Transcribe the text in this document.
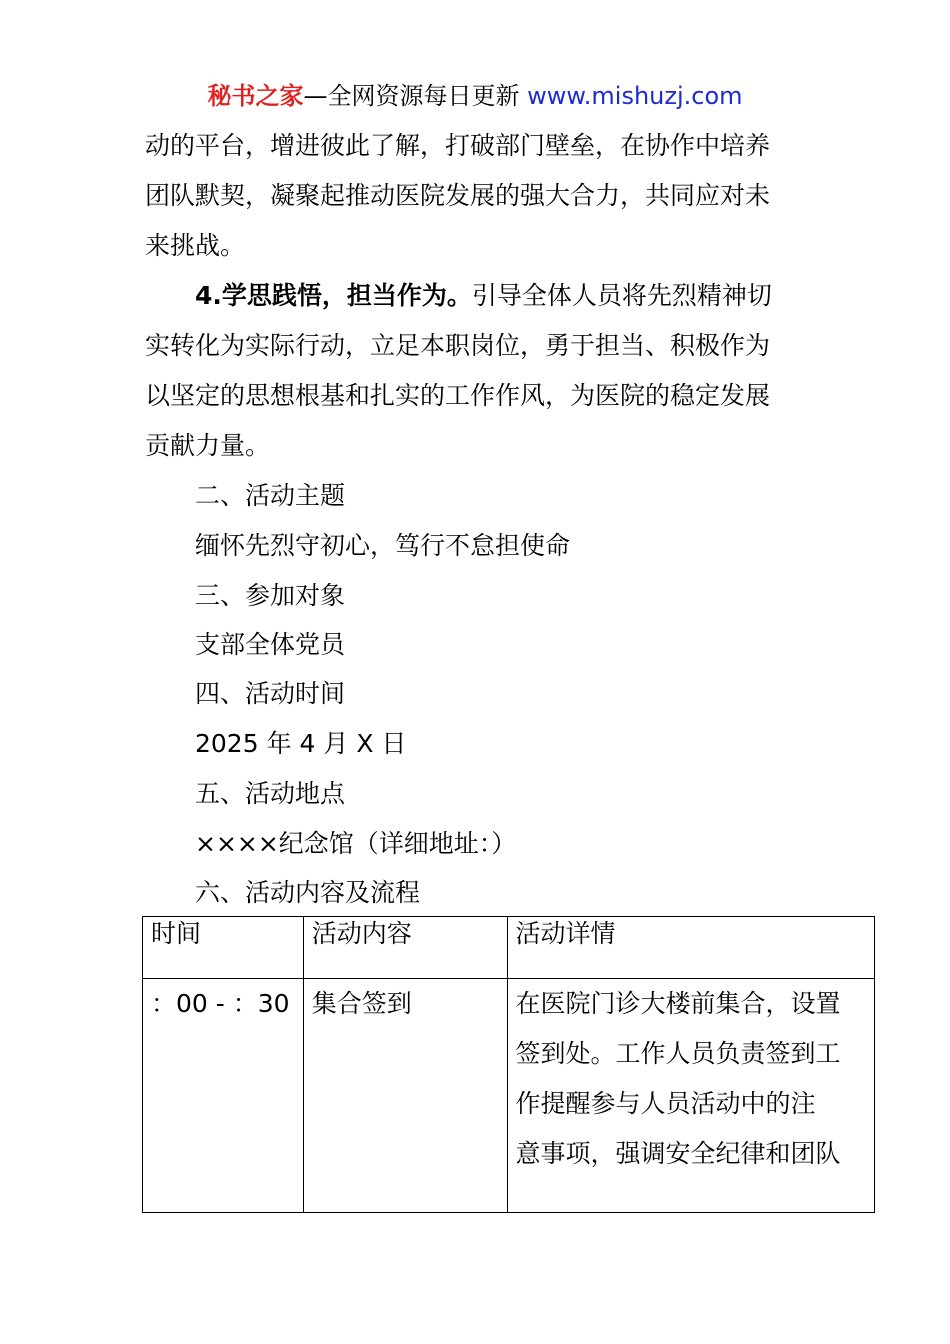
秘书之家—全网资源每日更新 www.mishuzj.com
动的平台，增进彼此了解，打破部门壁垒，在协作中培养
团队默契，凝聚起推动医院发展的强大合力，共同应对未
来挑战。
4.学思践悟，担当作为。引导全体人员将先烈精神切
实转化为实际行动，立足本职岗位，勇于担当、积极作为
以坚定的思想根基和扎实的工作作风，为医院的稳定发展
贡献力量。
二、活动主题
缅怀先烈守初心，笃行不怠担使命
三、参加对象
支部全体党员
四、活动时间
2025 年 4 月 X 日
五、活动地点
××××纪念馆（详细地址：）
六、活动内容及流程
时间	活动内容	活动详情
：00 - ：30	集合签到	在医院门诊大楼前集合，设置
签到处。工作人员负责签到工
作提醒参与人员活动中的注
意事项，强调安全纪律和团队
